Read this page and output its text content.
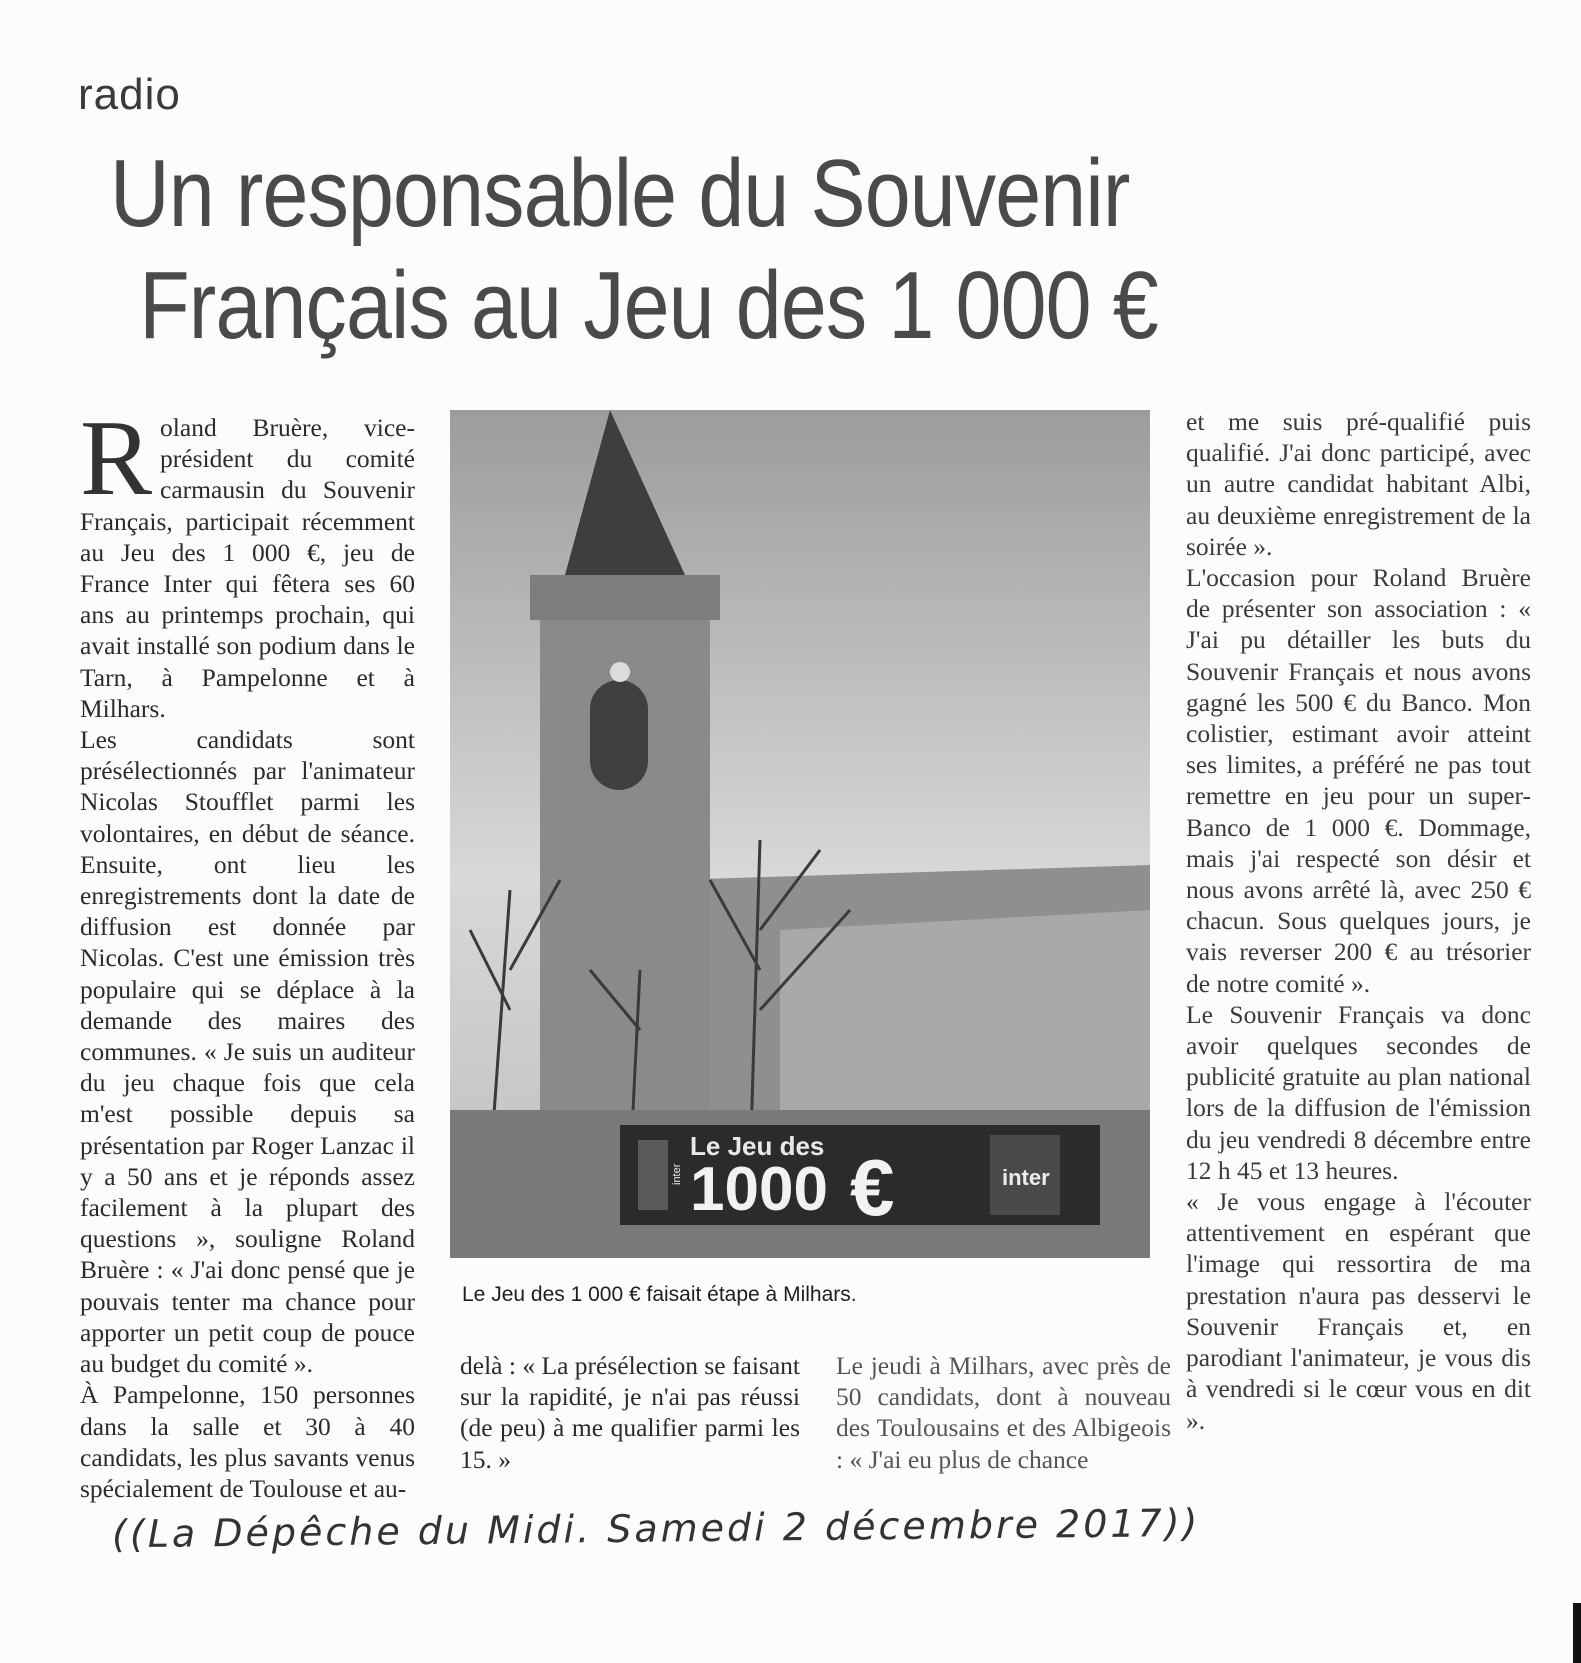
radio
Un responsable du Souvenir
Français au Jeu des 1 000 €

R oland Bruère, vice-président du comité carmausin du Souvenir Français, participait récemment au Jeu des 1 000 €, jeu de France Inter qui fêtera ses 60 ans au printemps prochain, qui avait installé son podium dans le Tarn, à Pampelonne et à Milhars.

Les candidats sont présélectionnés par l'animateur Nicolas Stoufflet parmi les volontaires, en début de séance. Ensuite, ont lieu les enregistrements dont la date de diffusion est donnée par Nicolas. C'est une émission très populaire qui se déplace à la demande des maires des communes. « Je suis un auditeur du jeu chaque fois que cela m'est possible depuis sa présentation par Roger Lanzac il y a 50 ans et je réponds assez facilement à la plupart des questions », souligne Roland Bruère : « J'ai donc pensé que je pouvais tenter ma chance pour apporter un petit coup de pouce au budget du comité ».

À Pampelonne, 150 personnes dans la salle et 30 à 40 candidats, les plus savants venus spécialement de Toulouse et au-

inter
Le Jeu des
1000 €	inter
Le Jeu des 1 000 € faisait étape à Milhars.
delà : « La présélection se faisant sur la rapidité, je n'ai pas réussi (de peu) à me qualifier parmi les 15. »
Le jeudi à Milhars, avec près de 50 candidats, dont à nouveau des Toulousains et des Albigeois : « J'ai eu plus de chance

et me suis pré-qualifié puis qualifié. J'ai donc participé, avec un autre candidat habitant Albi, au deuxième enregistrement de la soirée ».

L'occasion pour Roland Bruère de présenter son association : « J'ai pu détailler les buts du Souvenir Français et nous avons gagné les 500 € du Banco. Mon colistier, estimant avoir atteint ses limites, a préféré ne pas tout remettre en jeu pour un super-Banco de 1 000 €. Dommage, mais j'ai respecté son désir et nous avons arrêté là, avec 250 € chacun. Sous quelques jours, je vais reverser 200 € au trésorier de notre comité ».

Le Souvenir Français va donc avoir quelques secondes de publicité gratuite au plan national lors de la diffusion de l'émission du jeu vendredi 8 décembre entre 12 h 45 et 13 heures.

« Je vous engage à l'écouter attentivement en espérant que l'image qui ressortira de ma prestation n'aura pas desservi le Souvenir Français et, en parodiant l'animateur, je vous dis à vendredi si le cœur vous en dit ».

((La Dépêche du Midi. Samedi 2 décembre 2017))
